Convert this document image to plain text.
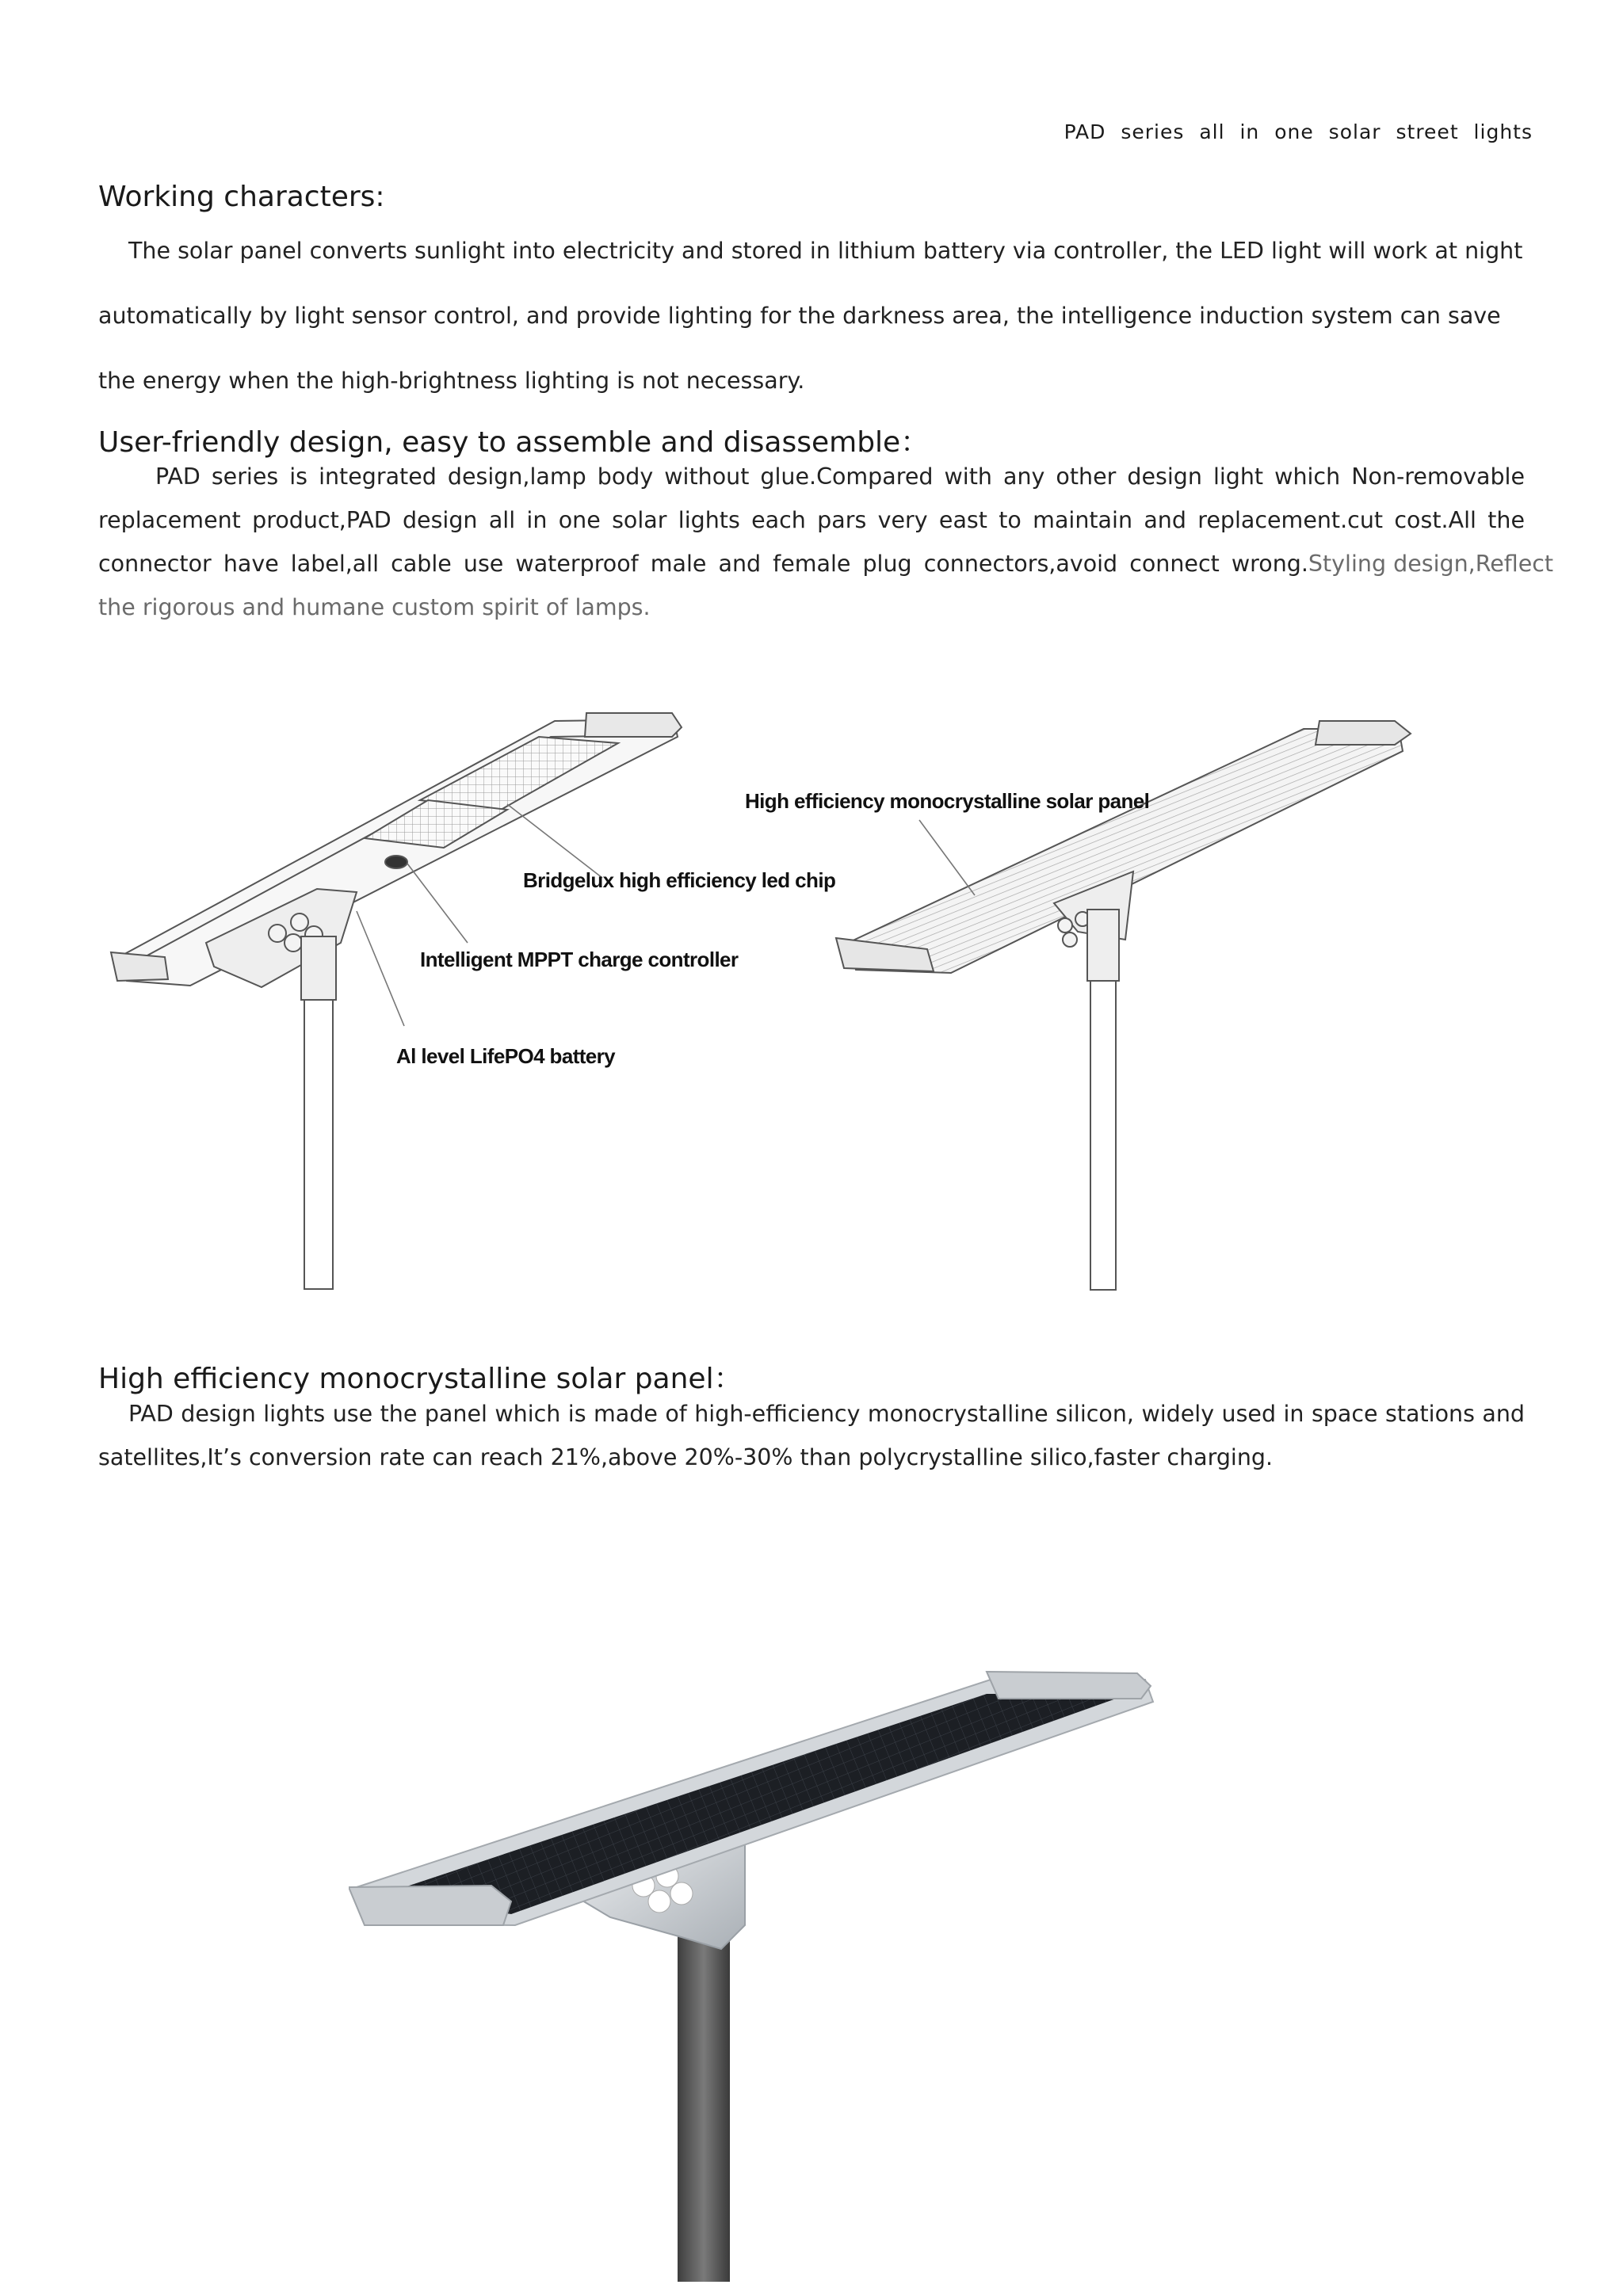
PAD series all in one solar street lights
Working characters:
The solar panel converts sunlight into electricity and stored in lithium battery via controller, the LED light will work at night
automatically by light sensor control, and provide lighting for the darkness area, the intelligence induction system can save
the energy when the high-brightness lighting is not necessary.
User-friendly design, easy to assemble and disassemble：
PAD series is integrated design,lamp body without glue.Compared with any other design light which Non-removable
replacement product,PAD design all in one solar lights each pars very east to maintain and replacement.cut cost.All the
connector have label,all cable use waterproof male and female plug connectors,avoid connect wrong. Styling design,Reflect
the rigorous and humane custom spirit of lamps.
Bridgelux high efficiency led chip
Intelligent MPPT charge controller
Al level LifePO4 battery
High efficiency monocrystalline solar panel
High efficiency monocrystalline solar panel：
PAD design lights use the panel which is made of high-efficiency monocrystalline silicon, widely used in space stations and
satellites,It’s conversion rate can reach 21%,above 20%-30% than polycrystalline silico,faster charging.
